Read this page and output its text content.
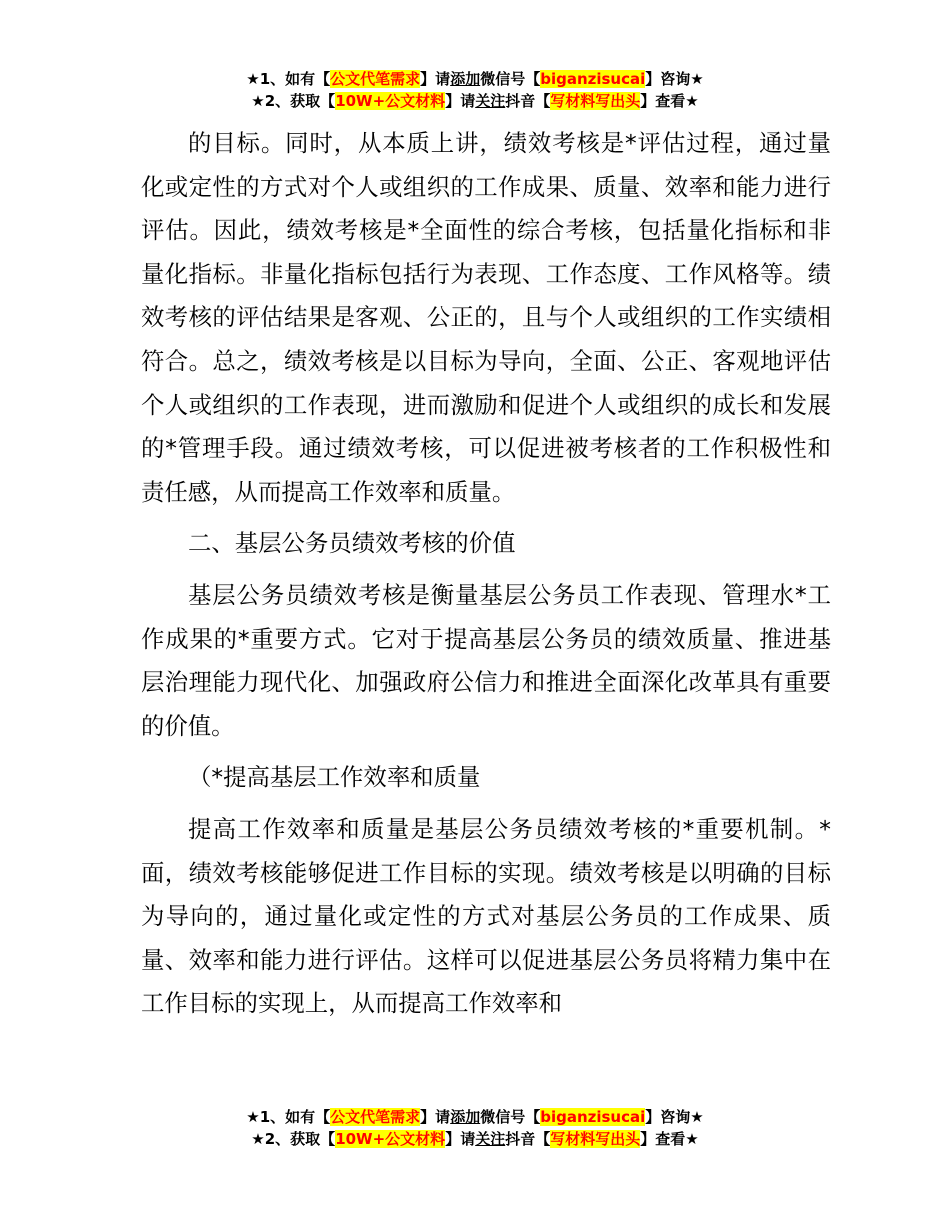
★1、如有【公文代笔需求】请添加微信号【biganzisucai】咨询★
★2、获取【10W+公文材料】请关注抖音【写材料写出头】查看★

的目标。同时，从本质上讲，绩效考核是*评估过程，通过量化或定性的方式对个人或组织的工作成果、质量、效率和能力进行评估。因此，绩效考核是*全面性的综合考核，包括量化指标和非量化指标。非量化指标包括行为表现、工作态度、工作风格等。绩效考核的评估结果是客观、公正的，且与个人或组织的工作实绩相符合。总之，绩效考核是以目标为导向，全面、公正、客观地评估个人或组织的工作表现，进而激励和促进个人或组织的成长和发展的*管理手段。通过绩效考核，可以促进被考核者的工作积极性和责任感，从而提高工作效率和质量。

二、基层公务员绩效考核的价值

基层公务员绩效考核是衡量基层公务员工作表现、管理水*工作成果的*重要方式。它对于提高基层公务员的绩效质量、推进基层治理能力现代化、加强政府公信力和推进全面深化改革具有重要的价值。

（*提高基层工作效率和质量

提高工作效率和质量是基层公务员绩效考核的*重要机制。*面，绩效考核能够促进工作目标的实现。绩效考核是以明确的目标为导向的，通过量化或定性的方式对基层公务员的工作成果、质量、效率和能力进行评估。这样可以促进基层公务员将精力集中在工作目标的实现上，从而提高工作效率和

★1、如有【公文代笔需求】请添加微信号【biganzisucai】咨询★
★2、获取【10W+公文材料】请关注抖音【写材料写出头】查看★
